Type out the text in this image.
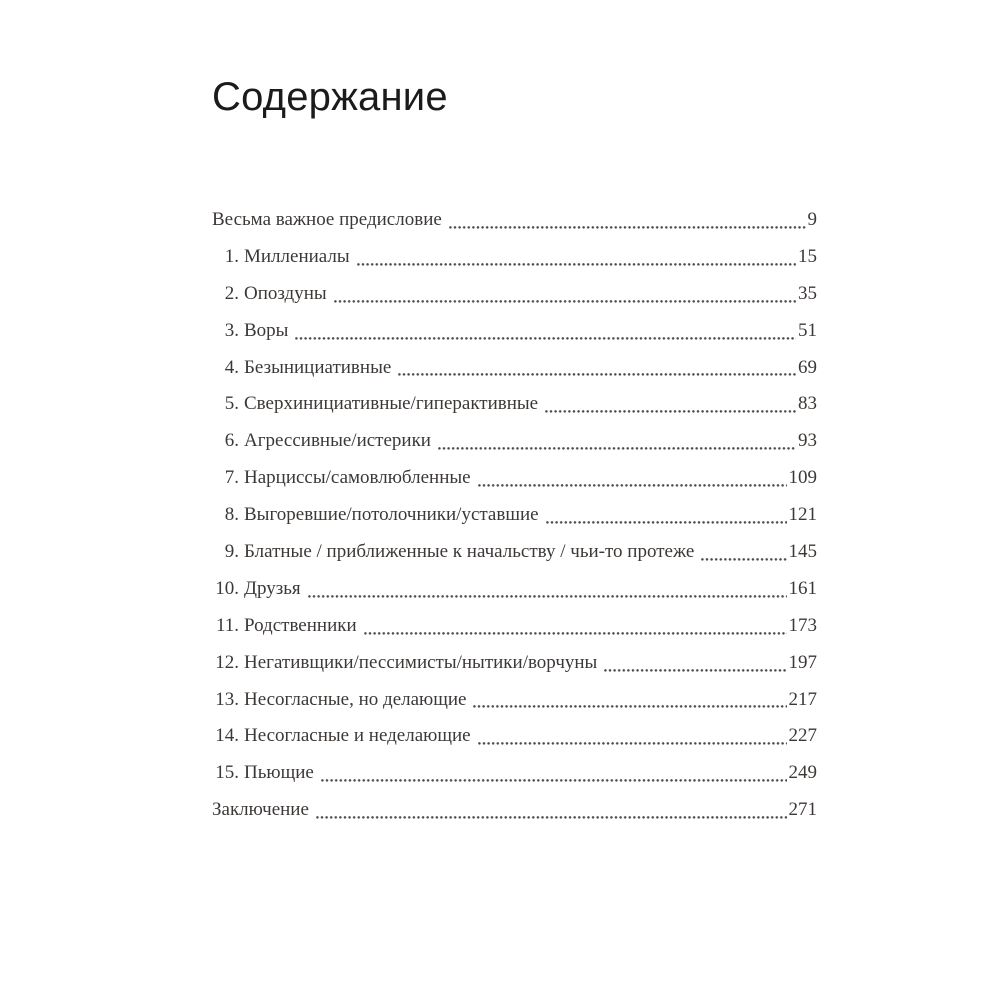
Содержание
Весьма важное предисловие	9
1. Миллениалы	15
2. Опоздуны	35
3. Воры	51
4. Безынициативные	69
5. Сверхинициативные/гиперактивные	83
6. Агрессивные/истерики	93
7. Нарциссы/самовлюбленные	109
8. Выгоревшие/потолочники/уставшие	121
9. Блатные / приближенные к начальству / чьи-то протеже	145
10. Друзья	161
11. Родственники	173
12. Негативщики/пессимисты/нытики/ворчуны	197
13. Несогласные, но делающие	217
14. Несогласные и неделающие	227
15. Пьющие	249
Заключение	271
